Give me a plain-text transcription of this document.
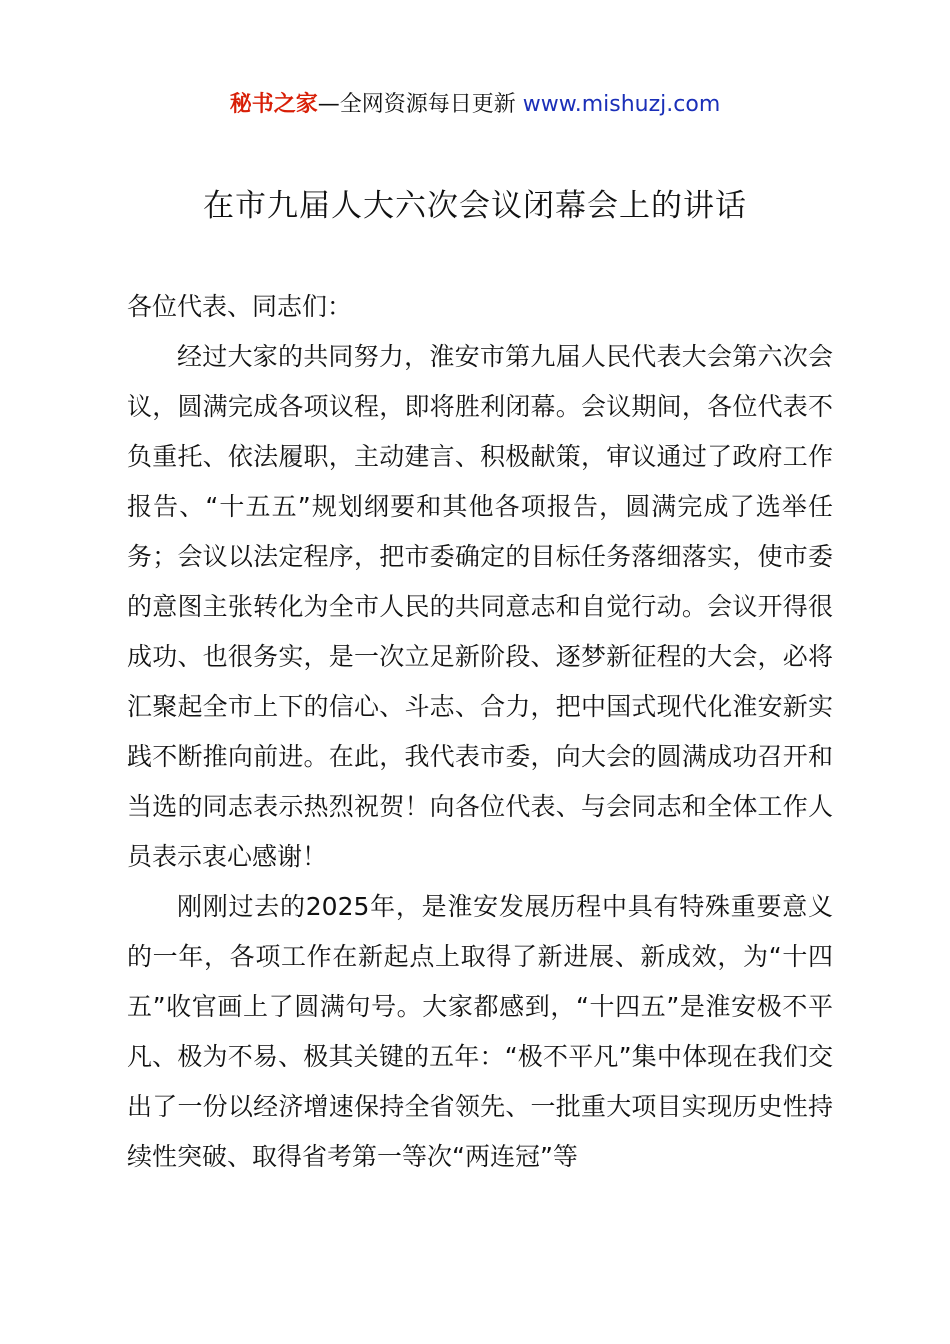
秘书之家—全网资源每日更新 www.mishuzj.com
在市九届人大六次会议闭幕会上的讲话

各位代表、同志们：

经过大家的共同努力，淮安市第九届人民代表大会第六次会议，圆满完成各项议程，即将胜利闭幕。会议期间，各位代表不负重托、依法履职，主动建言、积极献策，审议通过了政府工作报告、“十五五”规划纲要和其他各项报告，圆满完成了选举任务；会议以法定程序，把市委确定的目标任务落细落实，使市委的意图主张转化为全市人民的共同意志和自觉行动。会议开得很成功、也很务实，是一次立足新阶段、逐梦新征程的大会，必将汇聚起全市上下的信心、斗志、合力，把中国式现代化淮安新实践不断推向前进。在此，我代表市委，向大会的圆满成功召开和当选的同志表示热烈祝贺！向各位代表、与会同志和全体工作人员表示衷心感谢！

刚刚过去的2025年，是淮安发展历程中具有特殊重要意义的一年，各项工作在新起点上取得了新进展、新成效，为“十四五”收官画上了圆满句号。大家都感到，“十四五”是淮安极不平凡、极为不易、极其关键的五年：“极不平凡”集中体现在我们交出了一份以经济增速保持全省领先、一批重大项目实现历史性持续性突破、取得省考第一等次“两连冠”等
